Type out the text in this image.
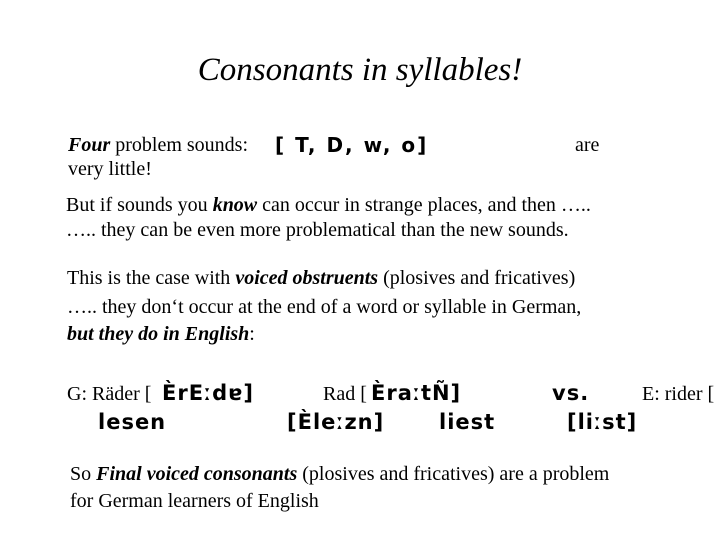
Consonants in syllables!
Four problem sounds: [ T, D, w, o]	are
very little!
But if sounds you know can occur in strange places, and then …..
….. they can be even more problematical than the new sounds.
This is the case with voiced obstruents (plosives and fricatives)
….. they don‘t occur at the end of a word or syllable in German,
but they do in English:
G: Räder [ ÈrEːdɐ]	Rad [ ÈraːtÑ]	vs.	E: rider [
lesen	[Èleːzn]	liest	[liːst]
So Final voiced consonants (plosives and fricatives) are a problem
for German learners of English
